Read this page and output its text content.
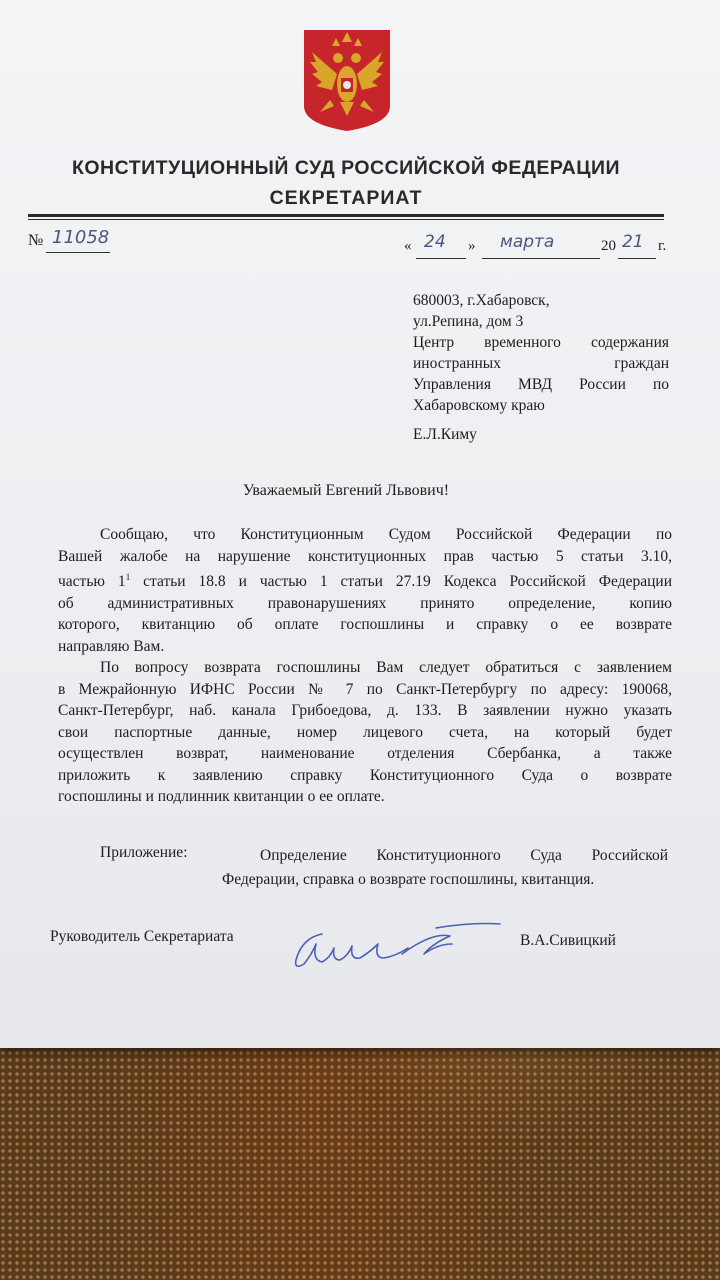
КОНСТИТУЦИОННЫЙ СУД РОССИЙСКОЙ ФЕДЕРАЦИИ
СЕКРЕТАРИАТ
№ 11058	« 24 » марта	20 21 г.
680003, г.Хабаровск,
ул.Репина, дом 3
Центр временного содержания
иностранных	граждан
Управления МВД России по
Хабаровскому краю
Е.Л.Киму
Уважаемый Евгений Львович!
Сообщаю, что Конституционным Судом Российской Федерации по
Вашей жалобе на нарушение конституционных прав частью 5 статьи 3.10,
частью $1^1$ статьи 18.8 и частью 1 статьи 27.19 Кодекса Российской Федерации
об административных правонарушениях принято определение, копию
которого, квитанцию об оплате госпошлины и справку о ее возврате
направляю Вам.
По вопросу возврата госпошлины Вам следует обратиться с заявлением
в Межрайонную ИФНС России № 7 по Санкт-Петербургу по адресу: 190068,
Санкт-Петербург, наб. канала Грибоедова, д. 133. В заявлении нужно указать
свои паспортные данные, номер лицевого счета, на который будет
осуществлен возврат, наименование отделения Сбербанка, а также
приложить к заявлению справку Конституционного Суда о возврате
госпошлины и подлинник квитанции о ее оплате.
Приложение:	Определение Конституционного Суда Российской
Федерации, справка о возврате госпошлины, квитанция.
Руководитель Секретариата	В.А.Сивицкий
